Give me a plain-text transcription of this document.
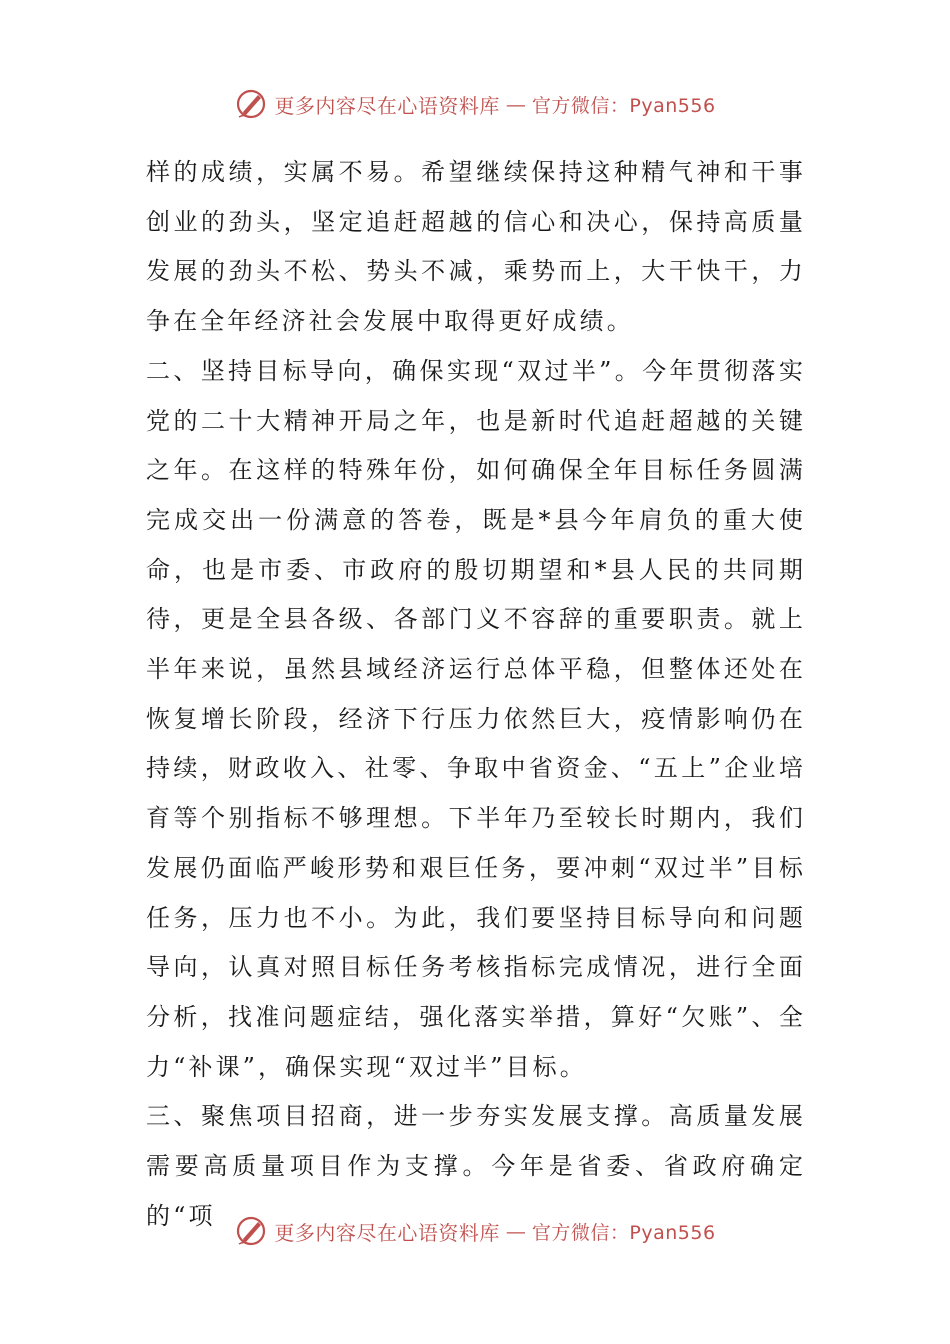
更多内容尽在心语资料库 — 官方微信：Pyan556

样的成绩，实属不易。希望继续保持这种精气神和干事创业的劲头，坚定追赶超越的信心和决心，保持高质量发展的劲头不松、势头不减，乘势而上，大干快干，力争在全年经济社会发展中取得更好成绩。

二、坚持目标导向，确保实现“双过半”。今年贯彻落实党的二十大精神开局之年，也是新时代追赶超越的关键之年。在这样的特殊年份，如何确保全年目标任务圆满完成交出一份满意的答卷，既是*县今年肩负的重大使命，也是市委、市政府的殷切期望和*县人民的共同期待，更是全县各级、各部门义不容辞的重要职责。就上半年来说，虽然县域经济运行总体平稳，但整体还处在恢复增长阶段，经济下行压力依然巨大，疫情影响仍在持续，财政收入、社零、争取中省资金、“五上”企业培育等个别指标不够理想。下半年乃至较长时期内，我们发展仍面临严峻形势和艰巨任务，要冲刺“双过半”目标任务，压力也不小。为此，我们要坚持目标导向和问题导向，认真对照目标任务考核指标完成情况，进行全面分析，找准问题症结，强化落实举措，算好“欠账”、全力“补课”，确保实现“双过半”目标。

三、聚焦项目招商，进一步夯实发展支撑。高质量发展需要高质量项目作为支撑。今年是省委、省政府确定的“项

更多内容尽在心语资料库 — 官方微信：Pyan556
